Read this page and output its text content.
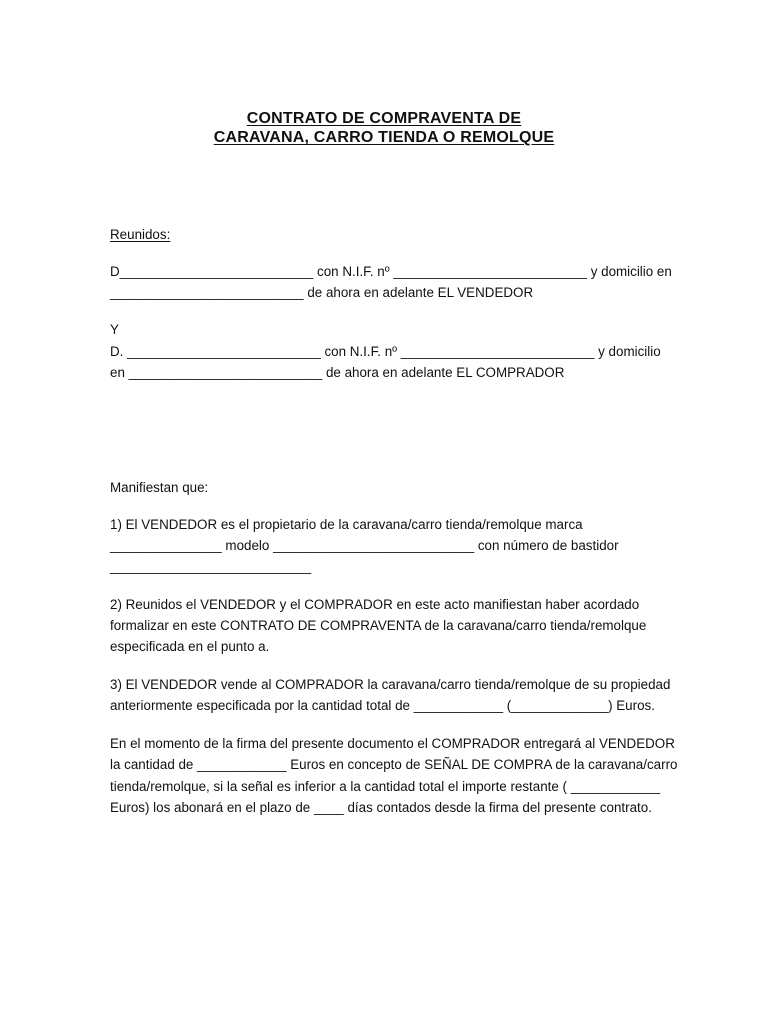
CONTRATO DE COMPRAVENTA DE
CARAVANA, CARRO TIENDA O REMOLQUE
Reunidos:
D__________________________ con N.I.F. nº __________________________ y domicilio en
__________________________ de ahora en adelante EL VENDEDOR
Y
D. __________________________ con N.I.F. nº __________________________ y domicilio
en __________________________ de ahora en adelante EL COMPRADOR
Manifiestan que:
1) El VENDEDOR es el propietario de la caravana/carro tienda/remolque marca
_______________ modelo ___________________________ con número de bastidor
___________________________
2) Reunidos el VENDEDOR y el COMPRADOR en este acto manifiestan haber acordado
formalizar en este CONTRATO DE COMPRAVENTA de la caravana/carro tienda/remolque
especificada en el punto a.
3) El VENDEDOR vende al COMPRADOR la caravana/carro tienda/remolque de su propiedad
anteriormente especificada por la cantidad total de ____________ (_____________) Euros.
En el momento de la firma del presente documento el COMPRADOR entregará al VENDEDOR
la cantidad de ____________ Euros en concepto de SEÑAL DE COMPRA de la caravana/carro
tienda/remolque, si la señal es inferior a la cantidad total el importe restante ( ____________
Euros) los abonará en el plazo de ____ días contados desde la firma del presente contrato.
